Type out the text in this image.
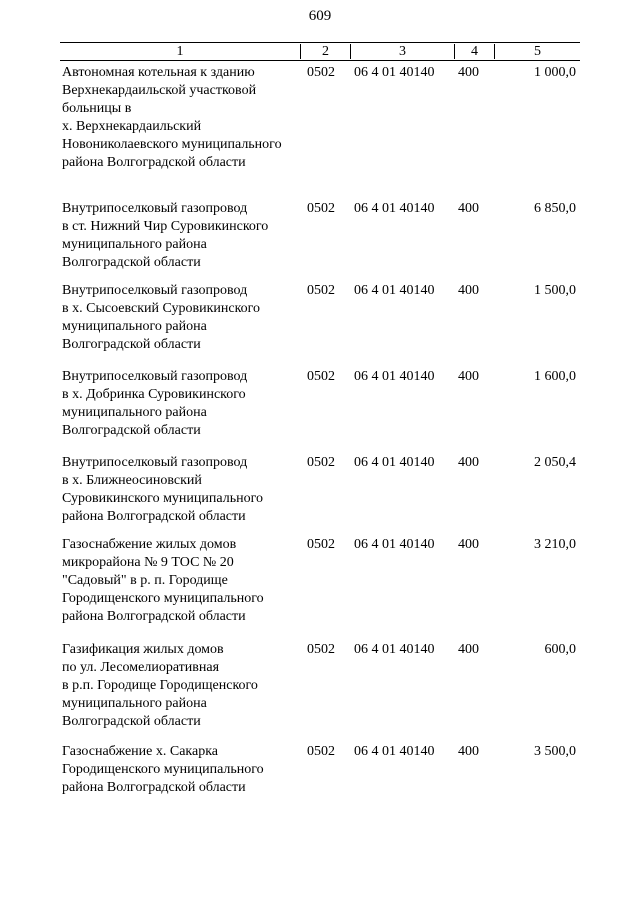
609
1	2	3	4	5
Автономная котельная к зданию
Верхнекардаильской участковой
больницы в
х. Верхнекардаильский
Новониколаевского муниципального
района Волгоградской области
0502	06 4 01 40140	400	1 000,0
Внутрипоселковый газопровод
в ст. Нижний Чир Суровикинского
муниципального района
Волгоградской области
0502	06 4 01 40140	400	6 850,0
Внутрипоселковый газопровод
в х. Сысоевский Суровикинского
муниципального района
Волгоградской области
0502	06 4 01 40140	400	1 500,0
Внутрипоселковый газопровод
в х. Добринка Суровикинского
муниципального района
Волгоградской области
0502	06 4 01 40140	400	1 600,0
Внутрипоселковый газопровод
в х. Ближнеосиновский
Суровикинского муниципального
района Волгоградской области
0502	06 4 01 40140	400	2 050,4
Газоснабжение жилых домов
микрорайона № 9 ТОС № 20
"Садовый" в р. п. Городище
Городищенского муниципального
района Волгоградской области
0502	06 4 01 40140	400	3 210,0
Газификация жилых домов
по ул. Лесомелиоративная
в р.п. Городище Городищенского
муниципального района
Волгоградской области
0502	06 4 01 40140	400	600,0
Газоснабжение х. Сакарка
Городищенского муниципального
района Волгоградской области
0502	06 4 01 40140	400	3 500,0
